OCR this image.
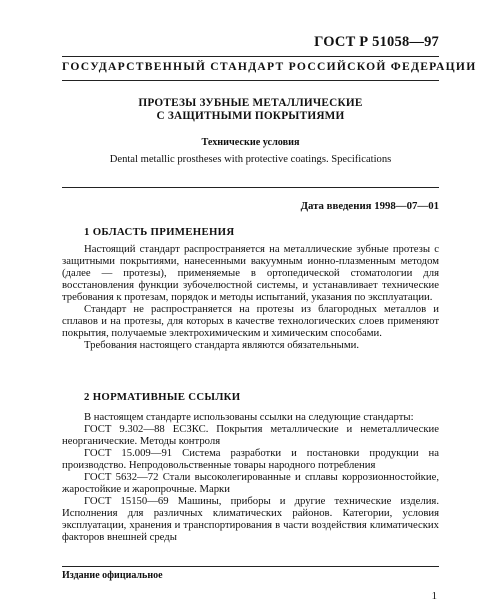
ГОСТ Р 51058—97
ГОСУДАРСТВЕННЫЙ СТАНДАРТ РОССИЙСКОЙ ФЕДЕРАЦИИ
ПРОТЕЗЫ ЗУБНЫЕ МЕТАЛЛИЧЕСКИЕ
С ЗАЩИТНЫМИ ПОКРЫТИЯМИ
Технические условия
Dental metallic prostheses with protective coatings. Specifications
Дата введения 1998—07—01
1 ОБЛАСТЬ ПРИМЕНЕНИЯ

Настоящий стандарт распространяется на металлические зубные протезы с защитными покрытиями, нанесенными вакуумным ионно-плазменным методом (далее — протезы), применяемые в ортопедической стоматологии для восстановления функции зубочелюстной системы, и устанавливает технические требования к протезам, порядок и методы испытаний, указания по эксплуатации.

Стандарт не распространяется на протезы из благородных металлов и сплавов и на протезы, для которых в качестве технологических слоев применяют покрытия, получаемые электрохимическим и химическим способами.

Требования настоящего стандарта являются обязательными.

2 НОРМАТИВНЫЕ ССЫЛКИ

В настоящем стандарте использованы ссылки на следующие стандарты:

ГОСТ 9.302—88 ЕСЗКС. Покрытия металлические и неметаллические неорганические. Методы контроля

ГОСТ 15.009—91 Система разработки и постановки продукции на производство. Непродовольственные товары народного потребления

ГОСТ 5632—72 Стали высоколегированные и сплавы коррозионностойкие, жаростойкие и жаропрочные. Марки

ГОСТ 15150—69 Машины, приборы и другие технические изделия. Исполнения для различных климатических районов. Категории, условия эксплуатации, хранения и транспортирования в части воздействия климатических факторов внешней среды

Издание официальное
1
